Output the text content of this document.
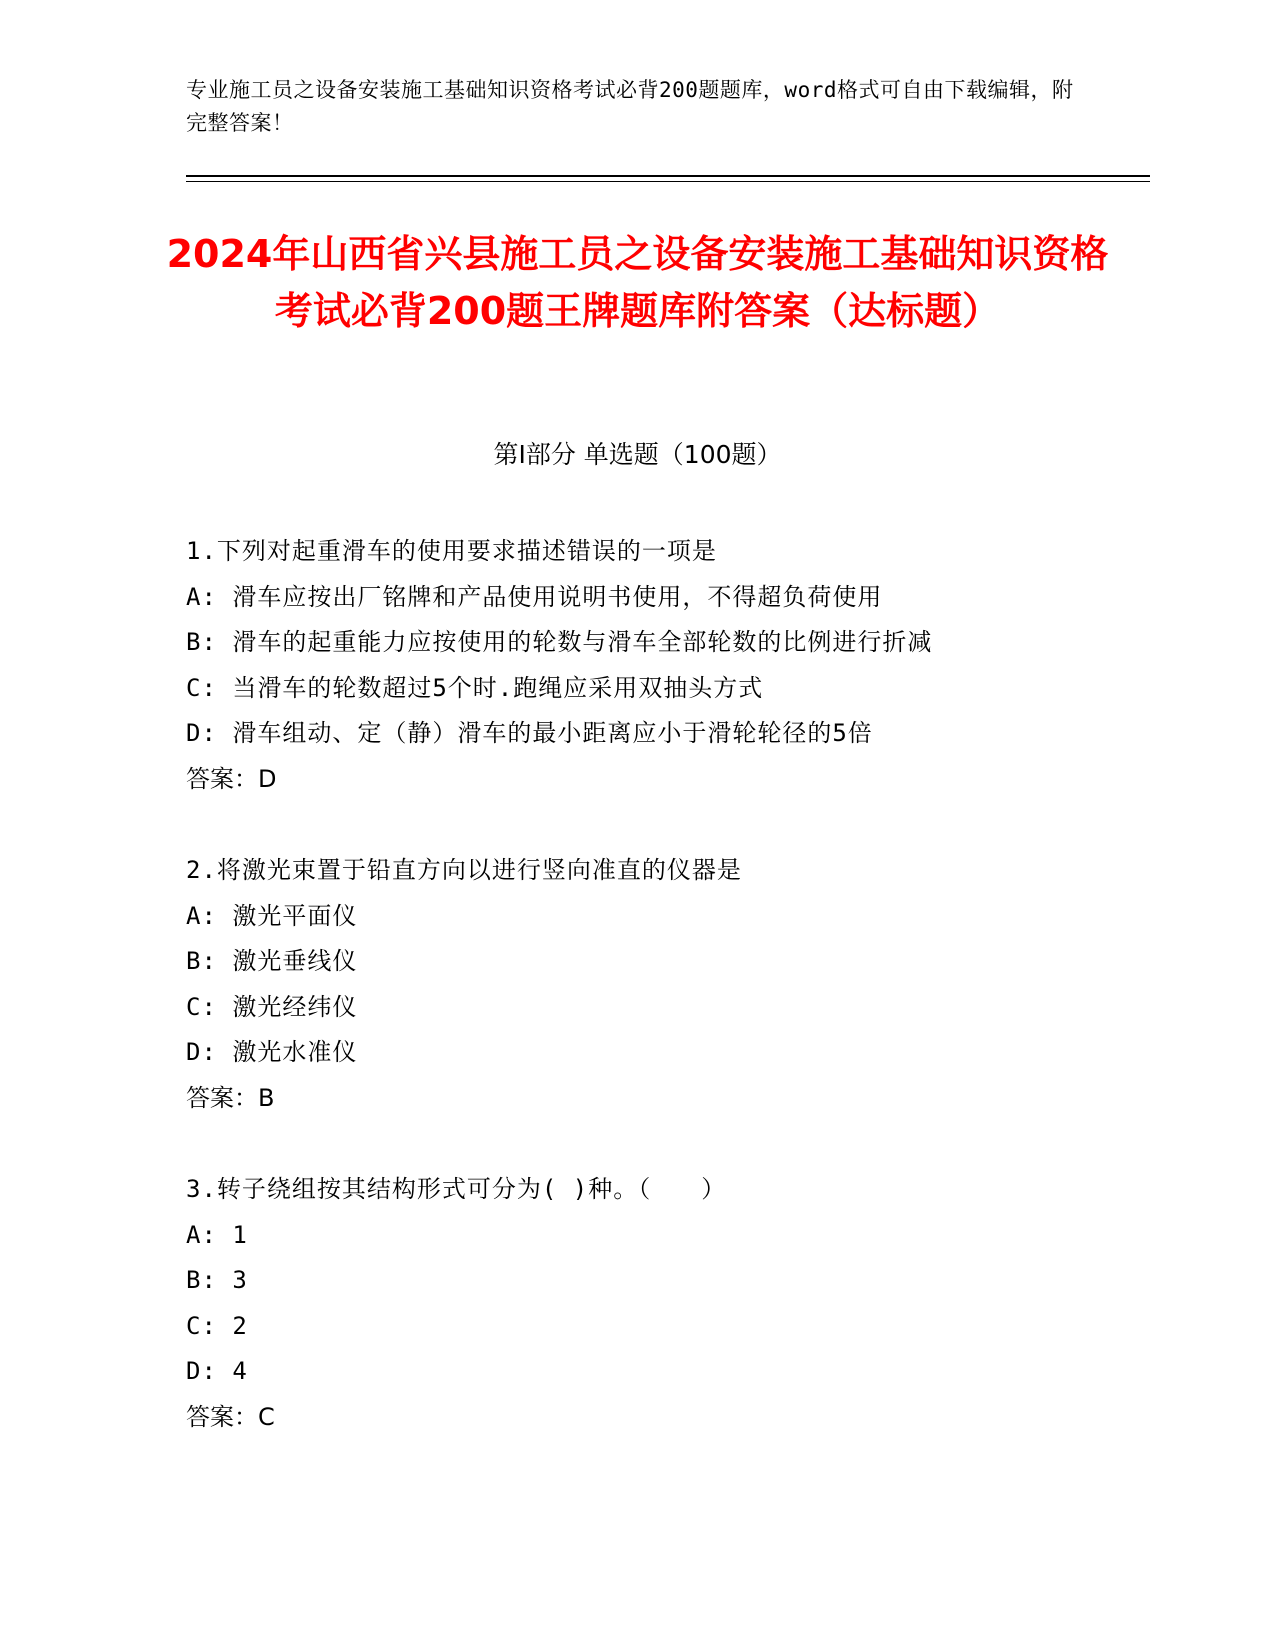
专业施工员之设备安装施工基础知识资格考试必背200题题库，word格式可自由下载编辑，附完整答案！
2024年山西省兴县施工员之设备安装施工基础知识资格考试必背200题王牌题库附答案（达标题）
第I部分 单选题（100题）
1.下列对起重滑车的使用要求描述错误的一项是
A: 滑车应按出厂铭牌和产品使用说明书使用，不得超负荷使用
B: 滑车的起重能力应按使用的轮数与滑车全部轮数的比例进行折减
C: 当滑车的轮数超过5个时.跑绳应采用双抽头方式
D: 滑车组动、定（静）滑车的最小距离应小于滑轮轮径的5倍
答案：D
2.将激光束置于铅直方向以进行竖向准直的仪器是
A: 激光平面仪
B: 激光垂线仪
C: 激光经纬仪
D: 激光水准仪
答案：B
3.转子绕组按其结构形式可分为( )种。（　　）
A: 1
B: 3
C: 2
D: 4
答案：C
